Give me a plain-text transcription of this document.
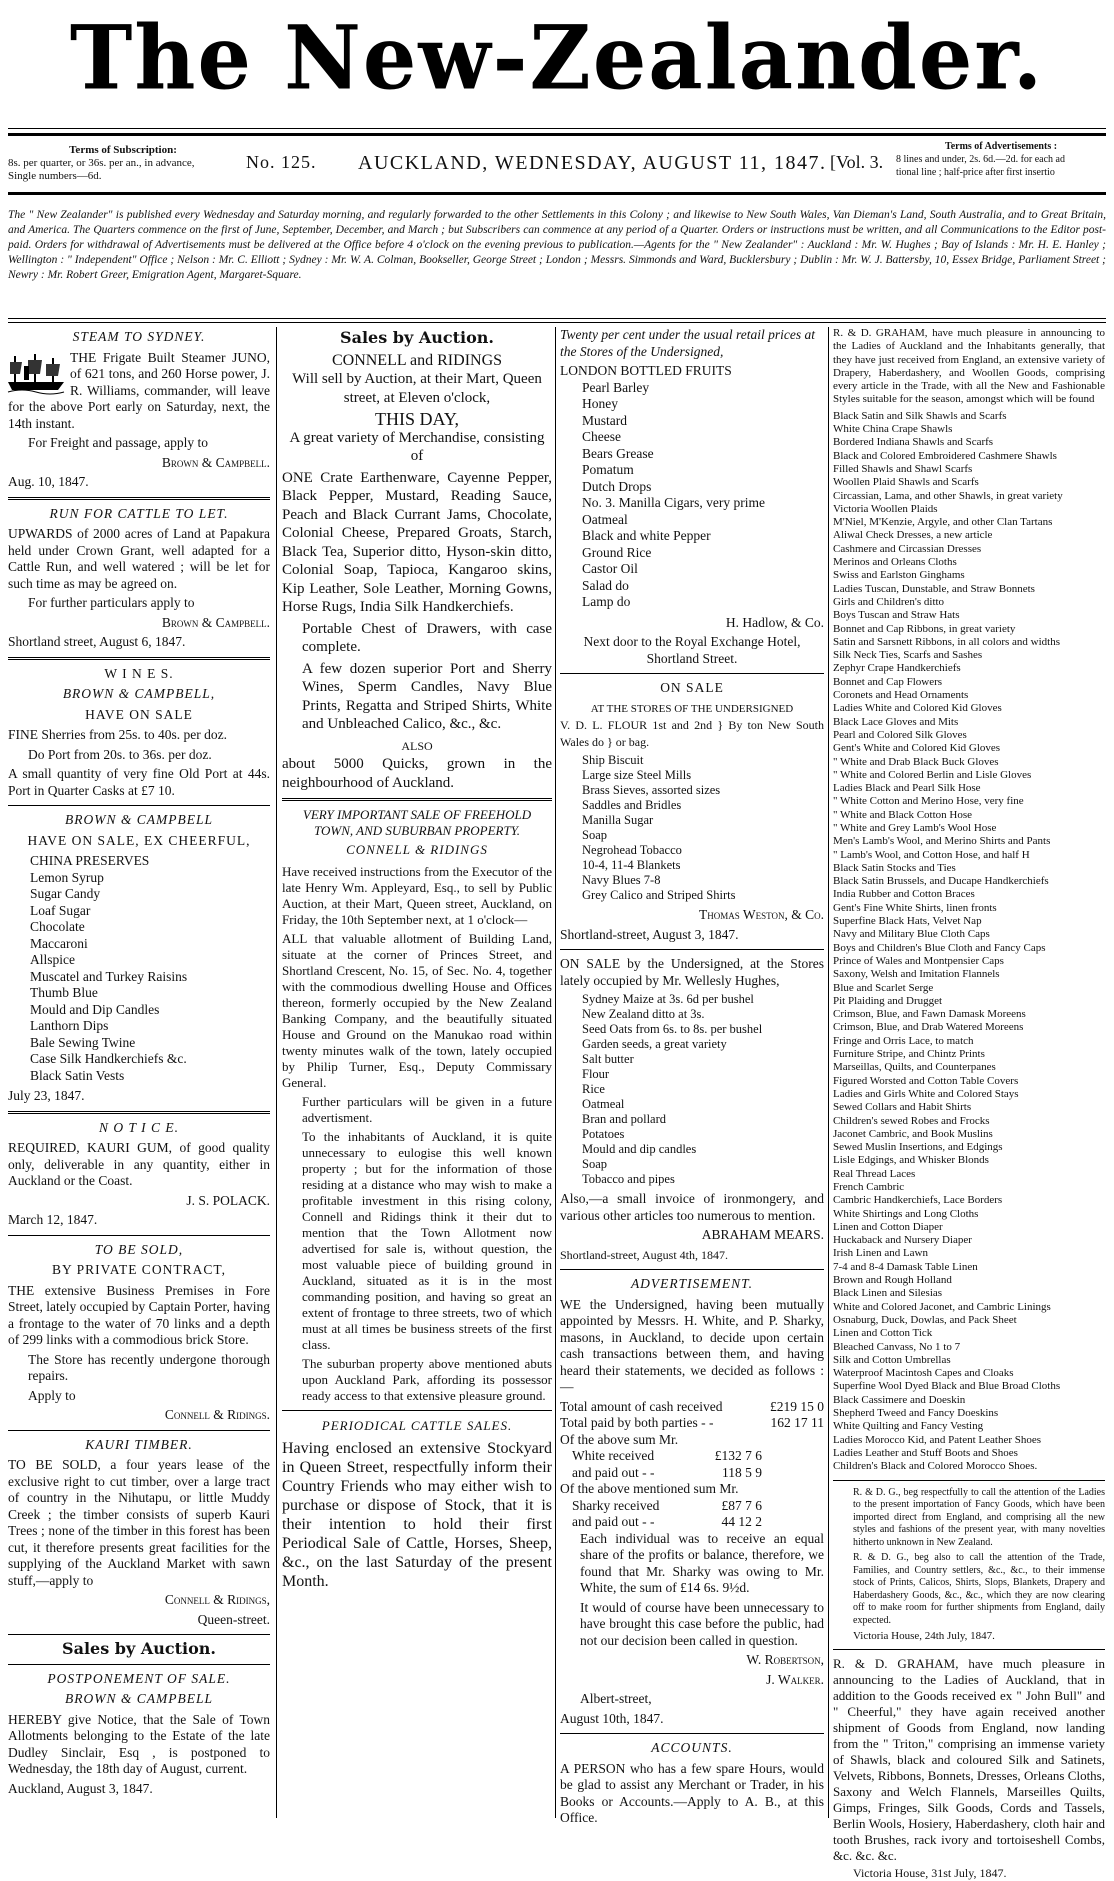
The New-Zealander.
Terms of Subscription:
8s. per quarter, or 36s. per an., in advance,
Single numbers—6d.
No. 125. AUCKLAND, WEDNESDAY, AUGUST 11, 1847. [Vol. 3.
Terms of Advertisements :
8 lines and under, 2s. 6d.—2d. for each ad
tional line ; half-price after first insertio
The " New Zealander" is published every Wednesday and Saturday morning, and regularly forwarded to the other Settlements in this Colony ; and likewise to New South Wales, Van Dieman's Land, South Australia, and to Great Britain, and America. The Quarters commence on the first of June, September, December, and March ; but Subscribers can commence at any period of a Quarter. Orders or instructions must be written, and all Communications to the Editor post-paid. Orders for withdrawal of Advertisements must be delivered at the Office before 4 o'clock on the evening previous to publication.—Agents for the " New Zealander" : Auckland : Mr. W. Hughes ; Bay of Islands : Mr. H. E. Hanley ; Wellington : " Independent" Office ; Nelson : Mr. C. Elliott ; Sydney : Mr. W. A. Colman, Bookseller, George Street ; London ; Messrs. Simmonds and Ward, Bucklersbury ; Dublin : Mr. W. J. Battersby, 10, Essex Bridge, Parliament Street ; Newry : Mr. Robert Greer, Emigration Agent, Margaret-Square.
STEAM TO SYDNEY.

THE Frigate Built Steamer JUNO, of 621 tons, and 260 Horse power, J. R. Williams, commander, will leave for the above Port early on Saturday, next, the 14th instant.

For Freight and passage, apply to

Brown & Campbell.

Aug. 10, 1847.

RUN FOR CATTLE TO LET.

UPWARDS of 2000 acres of Land at Papakura held under Crown Grant, well adapted for a Cattle Run, and well watered ; will be let for such time as may be agreed on.

For further particulars apply to

Brown & Campbell.

Shortland street, August 6, 1847.

W I N E S.
BROWN & CAMPBELL,
HAVE ON SALE

FINE Sherries from 25s. to 40s. per doz.

Do Port from 20s. to 36s. per doz.

A small quantity of very fine Old Port at 44s. Port in Quarter Casks at £7 10.

BROWN & CAMPBELL
HAVE ON SALE, EX CHEERFUL,
CHINA PRESERVES
Lemon Syrup
Sugar Candy
Loaf Sugar
Chocolate
Maccaroni
Allspice
Muscatel and Turkey Raisins
Thumb Blue
Mould and Dip Candles
Lanthorn Dips
Bale Sewing Twine
Case Silk Handkerchiefs &c.
Black Satin Vests

July 23, 1847.

N O T I C E.

REQUIRED, KAURI GUM, of good quality only, deliverable in any quantity, either in Auckland or the Coast.

J. S. POLACK.

March 12, 1847.

TO BE SOLD,
BY PRIVATE CONTRACT,

THE extensive Business Premises in Fore Street, lately occupied by Captain Porter, having a frontage to the water of 70 links and a depth of 299 links with a commodious brick Store.

The Store has recently undergone thorough repairs.

Apply to

Connell & Ridings.

KAURI TIMBER.

TO BE SOLD, a four years lease of the exclusive right to cut timber, over a large tract of country in the Nihutapu, or little Muddy Creek ; the timber consists of superb Kauri Trees ; none of the timber in this forest has been cut, it therefore presents great facilities for the supplying of the Auckland Market with sawn stuff,—apply to

Connell & Ridings,

Queen-street.

Sales by Auction.
POSTPONEMENT OF SALE.
BROWN & CAMPBELL

HEREBY give Notice, that the Sale of Town Allotments belonging to the Estate of the late Dudley Sinclair, Esq , is postponed to Wednesday, the 18th day of August, current.

Auckland, August 3, 1847.

Sales by Auction.
CONNELL and RIDINGS

Will sell by Auction, at their Mart, Queen street, at Eleven o'clock,

THIS DAY,

A great variety of Merchandise, consisting of

ONE Crate Earthenware, Cayenne Pepper, Black Pepper, Mustard, Reading Sauce, Peach and Black Currant Jams, Chocolate, Colonial Cheese, Prepared Groats, Starch, Black Tea, Superior ditto, Hyson-skin ditto, Colonial Soap, Tapioca, Kangaroo skins, Kip Leather, Sole Leather, Morning Gowns, Horse Rugs, India Silk Handkerchiefs.

Portable Chest of Drawers, with case complete.

A few dozen superior Port and Sherry Wines, Sperm Candles, Navy Blue Prints, Regatta and Striped Shirts, White and Unbleached Calico, &c., &c.

ALSO

about 5000 Quicks, grown in the neighbourhood of Auckland.

VERY IMPORTANT SALE OF FREEHOLD TOWN, AND SUBURBAN PROPERTY.
CONNELL & RIDINGS

Have received instructions from the Executor of the late Henry Wm. Appleyard, Esq., to sell by Public Auction, at their Mart, Queen street, Auckland, on Friday, the 10th September next, at 1 o'clock—

ALL that valuable allotment of Building Land, situate at the corner of Princes Street, and Shortland Crescent, No. 15, of Sec. No. 4, together with the commodious dwelling House and Offices thereon, formerly occupied by the New Zealand Banking Company, and the beautifully situated House and Ground on the Manukao road within twenty minutes walk of the town, lately occupied by Philip Turner, Esq., Deputy Commissary General.

Further particulars will be given in a future advertisment.

To the inhabitants of Auckland, it is quite unnecessary to eulogise this well known property ; but for the information of those residing at a distance who may wish to make a profitable investment in this rising colony, Connell and Ridings think it their dut to mention that the Town Allotment now advertised for sale is, without question, the most valuable piece of building ground in Auckland, situated as it is in the most commanding position, and having so great an extent of frontage to three streets, two of which must at all times be business streets of the first class.

The suburban property above mentioned abuts upon Auckland Park, affording its possessor ready access to that extensive pleasure ground.

PERIODICAL CATTLE SALES.

Having enclosed an extensive Stockyard in Queen Street, respectfully inform their Country Friends who may either wish to purchase or dispose of Stock, that it is their intention to hold their first Periodical Sale of Cattle, Horses, Sheep, &c., on the last Saturday of the present Month.

Twenty per cent under the usual retail prices at the Stores of the Undersigned,
LONDON BOTTLED FRUITS
Pearl Barley
Honey
Mustard
Cheese
Bears Grease
Pomatum
Dutch Drops
No. 3. Manilla Cigars, very prime
Oatmeal
Black and white Pepper
Ground Rice
Castor Oil
Salad do
Lamp do

H. Hadlow, & Co.

Next door to the Royal Exchange Hotel, Shortland Street.

ON SALE
AT THE STORES OF THE UNDERSIGNED

V. D. L. FLOUR 1st and 2nd } By ton New South Wales do } or bag.

Ship Biscuit
Large size Steel Mills
Brass Sieves, assorted sizes
Saddles and Bridles
Manilla Sugar
Soap
Negrohead Tobacco
10-4, 11-4 Blankets
Navy Blues 7-8
Grey Calico and Striped Shirts

Thomas Weston, & Co.

Shortland-street, August 3, 1847.

ON SALE by the Undersigned, at the Stores lately occupied by Mr. Wellesly Hughes,

Sydney Maize at 3s. 6d per bushel
New Zealand ditto at 3s.
Seed Oats from 6s. to 8s. per bushel
Garden seeds, a great variety
Salt butter
Flour
Rice
Oatmeal
Bran and pollard
Potatoes
Mould and dip candles
Soap
Tobacco and pipes

Also,—a small invoice of ironmongery, and various other articles too numerous to mention.

ABRAHAM MEARS.

Shortland-street, August 4th, 1847.

ADVERTISEMENT.

WE the Undersigned, having been mutually appointed by Messrs. H. White, and P. Sharky, masons, in Auckland, to decide upon certain cash transactions between them, and having heard their statements, we decided as follows :—

Total amount of cash received	£219 15 0
Total paid by both parties - -	162 17 11
Of the above sum Mr.
White received	£132 7 6
and paid out - -	118 5 9
Of the above mentioned sum Mr.
Sharky received	£87 7 6
and paid out - -	44 12 2

Each individual was to receive an equal share of the profits or balance, therefore, we found that Mr. Sharky was owing to Mr. White, the sum of £14 6s. 9½d.

It would of course have been unnecessary to have brought this case before the public, had not our decision been called in question.

W. Robertson,

J. Walker.

Albert-street,

August 10th, 1847.

ACCOUNTS.

A PERSON who has a few spare Hours, would be glad to assist any Merchant or Trader, in his Books or Accounts.—Apply to A. B., at this Office.

R. & D. GRAHAM, have much pleasure in announcing to the Ladies of Auckland and the Inhabitants generally, that they have just received from England, an extensive variety of Drapery, Haberdashery, and Woollen Goods, comprising every article in the Trade, with all the New and Fashionable Styles suitable for the season, amongst which will be found

Black Satin and Silk Shawls and Scarfs
White China Crape Shawls
Bordered Indiana Shawls and Scarfs
Black and Colored Embroidered Cashmere Shawls
Filled Shawls and Shawl Scarfs
Woollen Plaid Shawls and Scarfs
Circassian, Lama, and other Shawls, in great variety
Victoria Woollen Plaids
M'Niel, M'Kenzie, Argyle, and other Clan Tartans
Aliwal Check Dresses, a new article
Cashmere and Circassian Dresses
Merinos and Orleans Cloths
Swiss and Earlston Ginghams
Ladies Tuscan, Dunstable, and Straw Bonnets
Girls and Children's ditto
Boys Tuscan and Straw Hats
Bonnet and Cap Ribbons, in great variety
Satin and Sarsnett Ribbons, in all colors and widths
Silk Neck Ties, Scarfs and Sashes
Zephyr Crape Handkerchiefs
Bonnet and Cap Flowers
Coronets and Head Ornaments
Ladies White and Colored Kid Gloves
Black Lace Gloves and Mits
Pearl and Colored Silk Gloves
Gent's White and Colored Kid Gloves
" White and Drab Black Buck Gloves
" White and Colored Berlin and Lisle Gloves
Ladies Black and Pearl Silk Hose
" White Cotton and Merino Hose, very fine
" White and Black Cotton Hose
" White and Grey Lamb's Wool Hose
Men's Lamb's Wool, and Merino Shirts and Pants
" Lamb's Wool, and Cotton Hose, and half H
Black Satin Stocks and Ties
Black Satin Brussels, and Ducape Handkerchiefs
India Rubber and Cotton Braces
Gent's Fine White Shirts, linen fronts
Superfine Black Hats, Velvet Nap
Navy and Military Blue Cloth Caps
Boys and Children's Blue Cloth and Fancy Caps
Prince of Wales and Montpensier Caps
Saxony, Welsh and Imitation Flannels
Blue and Scarlet Serge
Pit Plaiding and Drugget
Crimson, Blue, and Fawn Damask Moreens
Crimson, Blue, and Drab Watered Moreens
Fringe and Orris Lace, to match
Furniture Stripe, and Chintz Prints
Marseillas, Quilts, and Counterpanes
Figured Worsted and Cotton Table Covers
Ladies and Girls White and Colored Stays
Sewed Collars and Habit Shirts
Children's sewed Robes and Frocks
Jaconet Cambric, and Book Muslins
Sewed Muslin Insertions, and Edgings
Lisle Edgings, and Whisker Blonds
Real Thread Laces
French Cambric
Cambric Handkerchiefs, Lace Borders
White Shirtings and Long Cloths
Linen and Cotton Diaper
Huckaback and Nursery Diaper
Irish Linen and Lawn
7-4 and 8-4 Damask Table Linen
Brown and Rough Holland
Black Linen and Silesias
White and Colored Jaconet, and Cambric Linings
Osnaburg, Duck, Dowlas, and Pack Sheet
Linen and Cotton Tick
Bleached Canvass, No 1 to 7
Silk and Cotton Umbrellas
Waterproof Macintosh Capes and Cloaks
Superfine Wool Dyed Black and Blue Broad Cloths
Black Cassimere and Doeskin
Shepherd Tweed and Fancy Doeskins
White Quilting and Fancy Vesting
Ladies Morocco Kid, and Patent Leather Shoes
Ladies Leather and Stuff Boots and Shoes
Children's Black and Colored Morocco Shoes.

R. & D. G., beg respectfully to call the attention of the Ladies to the present importation of Fancy Goods, which have been imported direct from England, and comprising all the new styles and fashions of the present year, with many novelties hitherto unknown in New Zealand.

R. & D. G., beg also to call the attention of the Trade, Families, and Country settlers, &c., &c., to their immense stock of Prints, Calicos, Shirts, Slops, Blankets, Drapery and Haberdashery Goods, &c., &c., which they are now clearing off to make room for further shipments from England, daily expected.

Victoria House, 24th July, 1847.

R. & D. GRAHAM, have much pleasure in announcing to the Ladies of Auckland, that in addition to the Goods received ex " John Bull" and " Cheerful," they have again received another shipment of Goods from England, now landing from the " Triton," comprising an immense variety of Shawls, black and coloured Silk and Satinets, Velvets, Ribbons, Bonnets, Dresses, Orleans Cloths, Saxony and Welch Flannels, Marseilles Quilts, Gimps, Fringes, Silk Goods, Cords and Tassels, Berlin Wools, Hosiery, Haberdashery, cloth hair and tooth Brushes, rack ivory and tortoiseshell Combs, &c. &c. &c.

Victoria House, 31st July, 1847.
